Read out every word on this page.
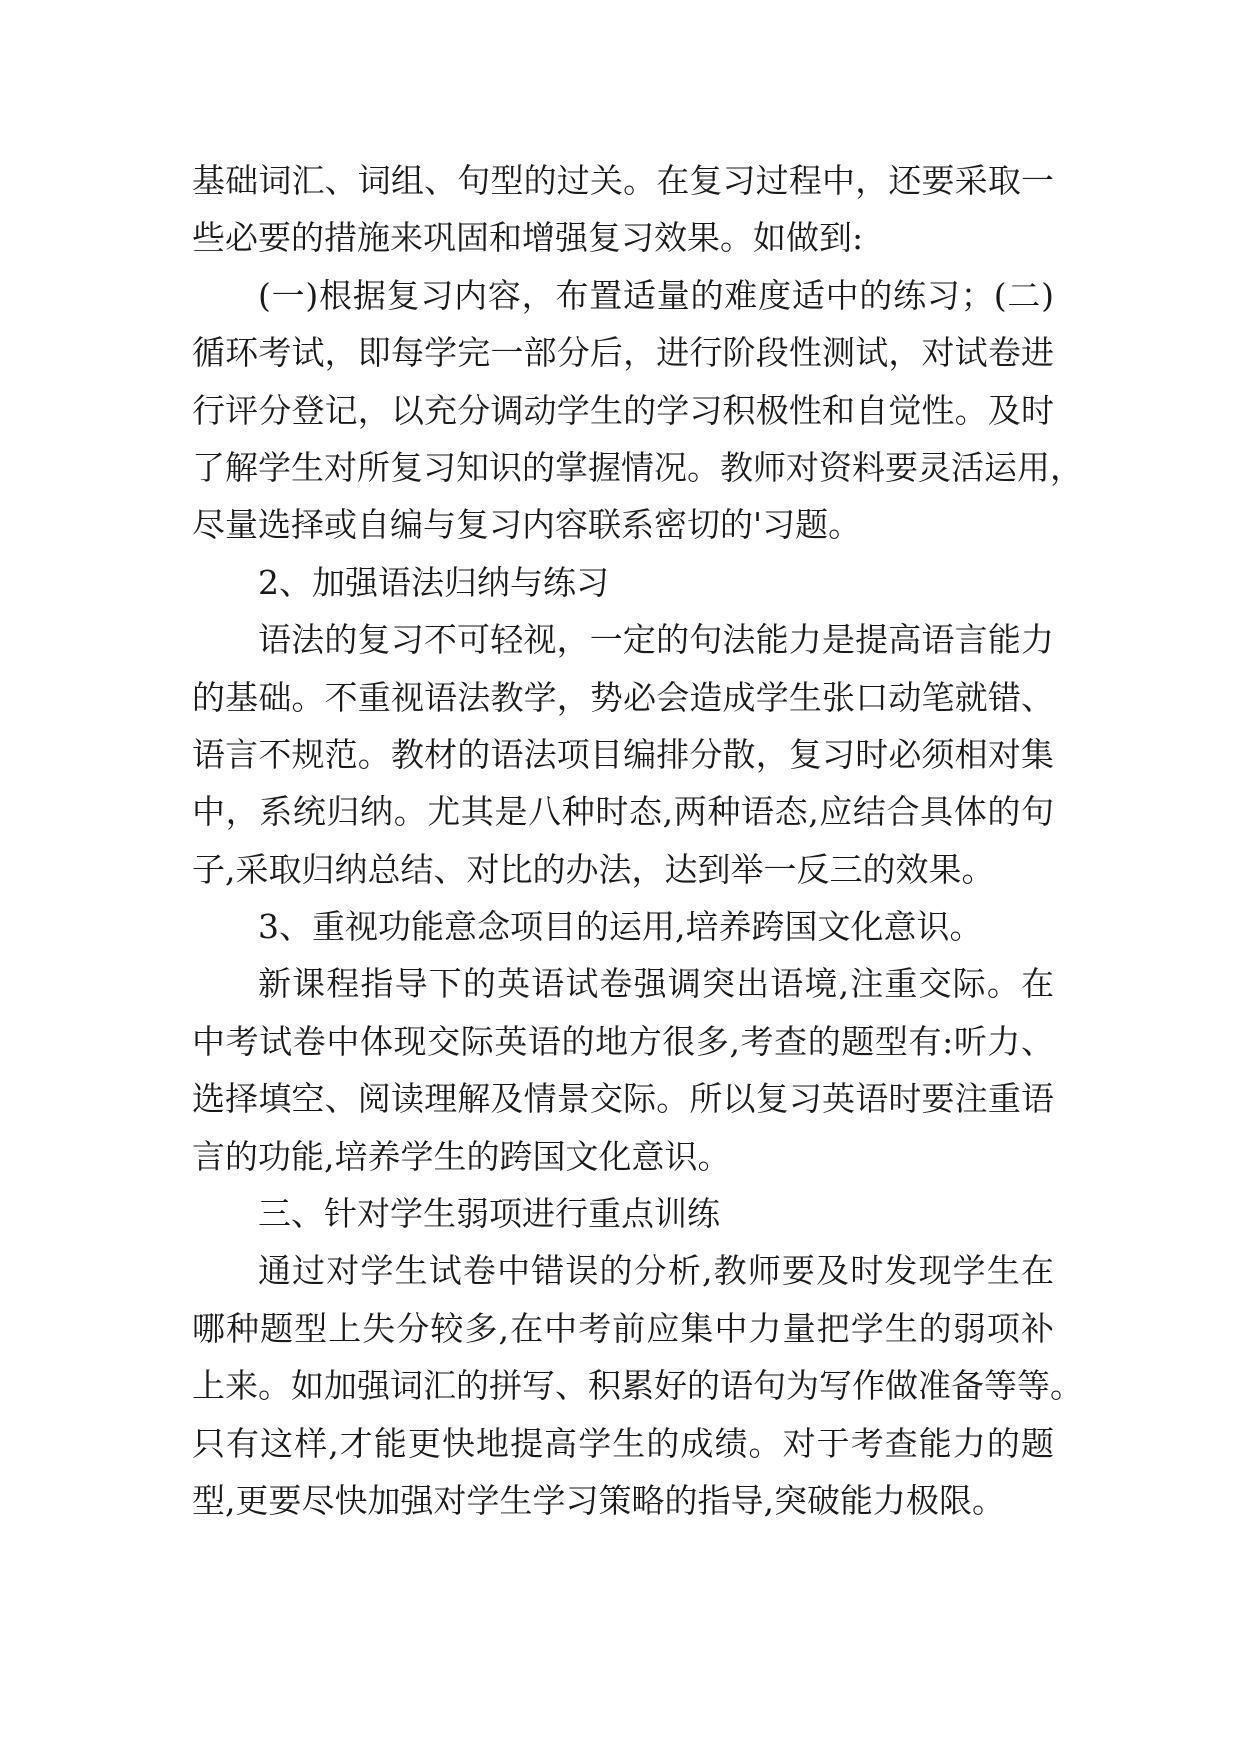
基础词汇、词组、句型的过关。在复习过程中，还要采取一
些必要的措施来巩固和增强复习效果。如做到:
(一)根据复习内容，布置适量的难度适中的练习；(二)
循环考试，即每学完一部分后，进行阶段性测试，对试卷进
行评分登记，以充分调动学生的学习积极性和自觉性。及时
了解学生对所复习知识的掌握情况。教师对资料要灵活运用，
尽量选择或自编与复习内容联系密切的'习题。
2、加强语法归纳与练习
语法的复习不可轻视，一定的句法能力是提高语言能力
的基础。不重视语法教学，势必会造成学生张口动笔就错、
语言不规范。教材的语法项目编排分散，复习时必须相对集
中，系统归纳。尤其是八种时态,两种语态,应结合具体的句
子,采取归纳总结、对比的办法，达到举一反三的效果。
3、重视功能意念项目的运用,培养跨国文化意识。
新课程指导下的英语试卷强调突出语境,注重交际。在
中考试卷中体现交际英语的地方很多,考查的题型有:听力、
选择填空、阅读理解及情景交际。所以复习英语时要注重语
言的功能,培养学生的跨国文化意识。
三、针对学生弱项进行重点训练
通过对学生试卷中错误的分析,教师要及时发现学生在
哪种题型上失分较多,在中考前应集中力量把学生的弱项补
上来。如加强词汇的拼写、积累好的语句为写作做准备等等。
只有这样,才能更快地提高学生的成绩。对于考查能力的题
型,更要尽快加强对学生学习策略的指导,突破能力极限。
